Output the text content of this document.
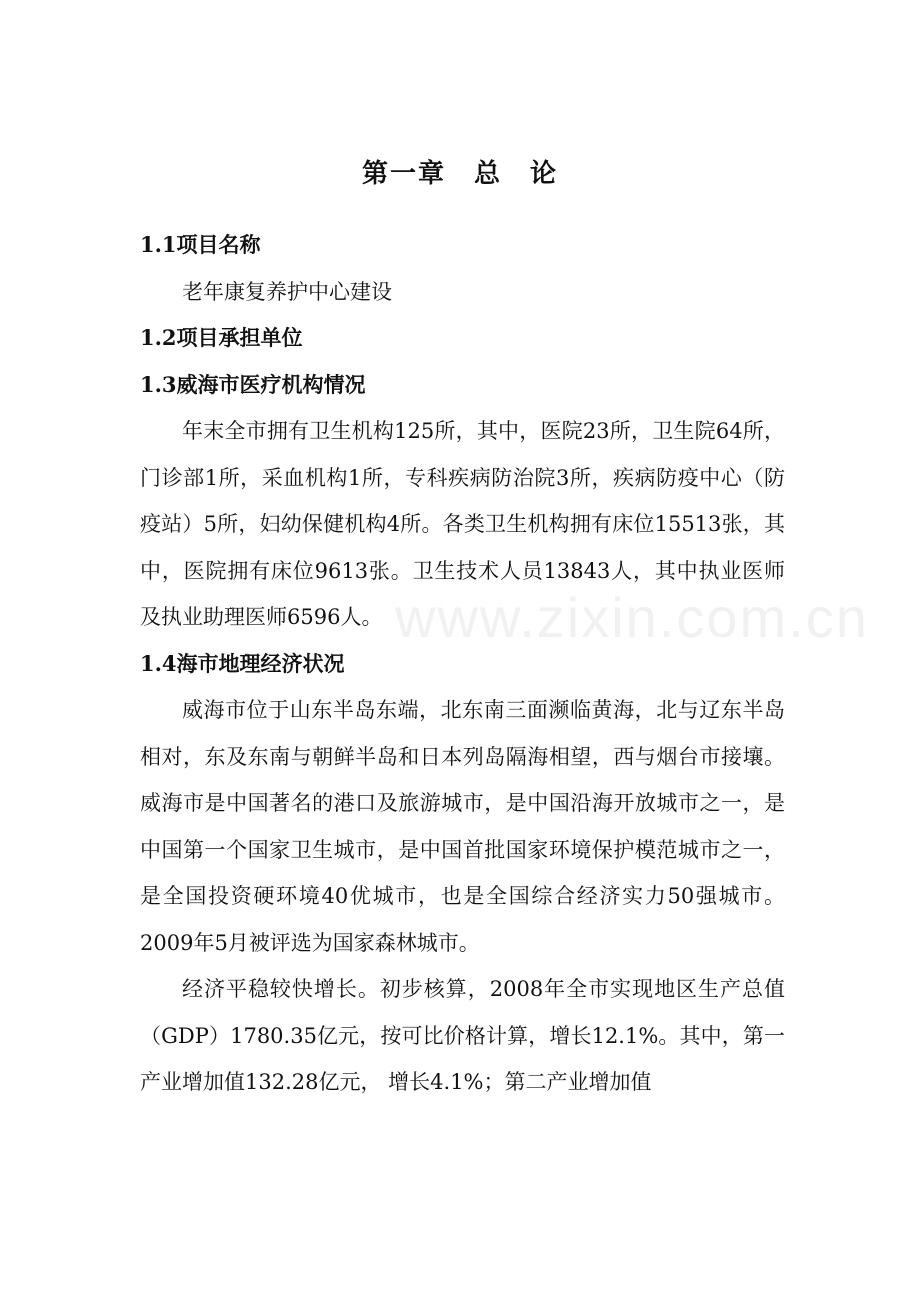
第一章　总　论

1.1项目名称

老年康复养护中心建设

1.2项目承担单位

1.3威海市医疗机构情况

年末全市拥有卫生机构125所，其中，医院23所，卫生院64所，门诊部1所，采血机构1所，专科疾病防治院3所，疾病防疫中心（防疫站）5所，妇幼保健机构4所。各类卫生机构拥有床位15513张，其中，医院拥有床位9613张。卫生技术人员13843人，其中执业医师及执业助理医师6596人。

1.4海市地理经济状况

威海市位于山东半岛东端，北东南三面濒临黄海，北与辽东半岛相对，东及东南与朝鲜半岛和日本列岛隔海相望，西与烟台市接壤。 威海市是中国著名的港口及旅游城市，是中国沿海开放城市之一，是中国第一个国家卫生城市，是中国首批国家环境保护模范城市之一，是全国投资硬环境40优城市，也是全国综合经济实力50强城市。 2009年5月被评选为国家森林城市。

经济平稳较快增长。初步核算，2008年全市实现地区生产总值（GDP）1780.35亿元，按可比价格计算，增长12.1%。其中，第一产业增加值132.28亿元， 增长4.1%；第二产业增加值

www.zixin.com.cn
